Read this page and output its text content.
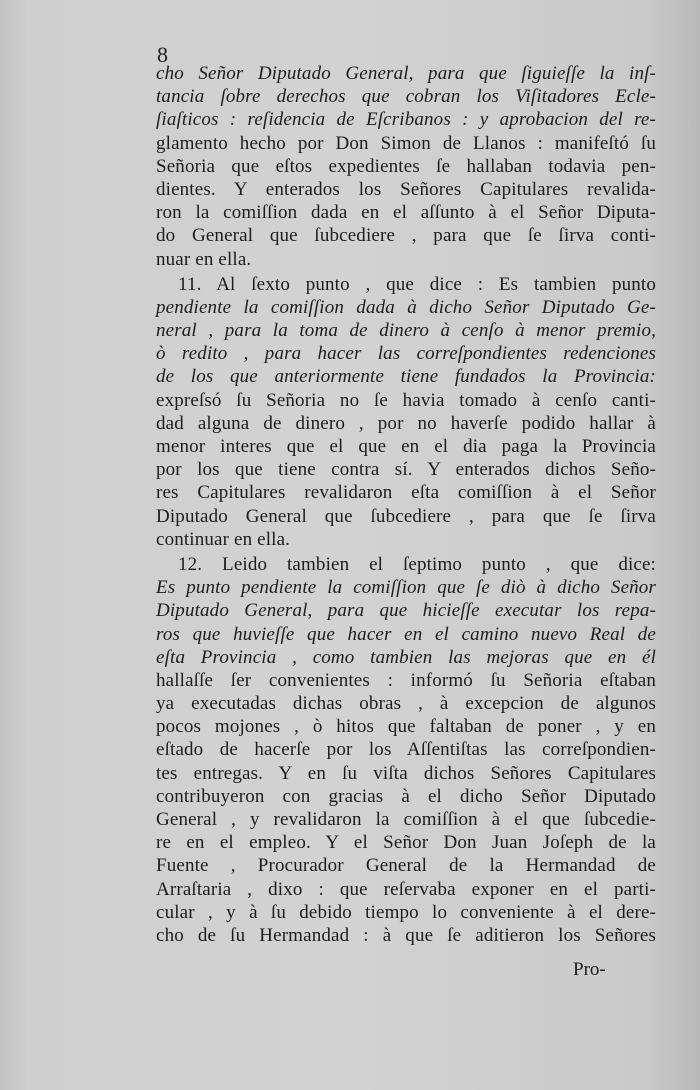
8
cho Señor Diputado General, para que ſiguieſſe la inſ-
tancia ſobre derechos que cobran los Viſitadores Ecle-
ſiaſticos : reſidencia de Eſcribanos : y aprobacion del re-
glamento hecho por Don Simon de Llanos : manifeſtó ſu
Señoria que eſtos expedientes ſe hallaban todavia pen-
dientes. Y enterados los Señores Capitulares revalida-
ron la comiſſion dada en el aſſunto à el Señor Diputa-
do General que ſubcediere , para que ſe ſirva conti-
nuar en ella.
11. Al ſexto punto , que dice : Es tambien punto
pendiente la comiſſion dada à dicho Señor Diputado Ge-
neral , para la toma de dinero à cenſo à menor premio,
ò redito , para hacer las correſpondientes redenciones
de los que anteriormente tiene fundados la Provincia:
expreſsó ſu Señoria no ſe havia tomado à cenſo canti-
dad alguna de dinero , por no haverſe podido hallar à
menor interes que el que en el dia paga la Provincia
por los que tiene contra sí. Y enterados dichos Seño-
res Capitulares revalidaron eſta comiſſion à el Señor
Diputado General que ſubcediere , para que ſe ſirva
continuar en ella.
12. Leido tambien el ſeptimo punto , que dice:
Es punto pendiente la comiſſion que ſe diò à dicho Señor
Diputado General, para que hicieſſe executar los repa-
ros que huvieſſe que hacer en el camino nuevo Real de
eſta Provincia , como tambien las mejoras que en él
hallaſſe ſer convenientes : informó ſu Señoria eſtaban
ya executadas dichas obras , à excepcion de algunos
pocos mojones , ò hitos que faltaban de poner , y en
eſtado de hacerſe por los Aſſentiſtas las correſpondien-
tes entregas. Y en ſu viſta dichos Señores Capitulares
contribuyeron con gracias à el dicho Señor Diputado
General , y revalidaron la comiſſion à el que ſubcedie-
re en el empleo. Y el Señor Don Juan Joſeph de la
Fuente , Procurador General de la Hermandad de
Arraſtaria , dixo : que reſervaba exponer en el parti-
cular , y à ſu debido tiempo lo conveniente à el dere-
cho de ſu Hermandad : à que ſe aditieron los Señores
Pro-
